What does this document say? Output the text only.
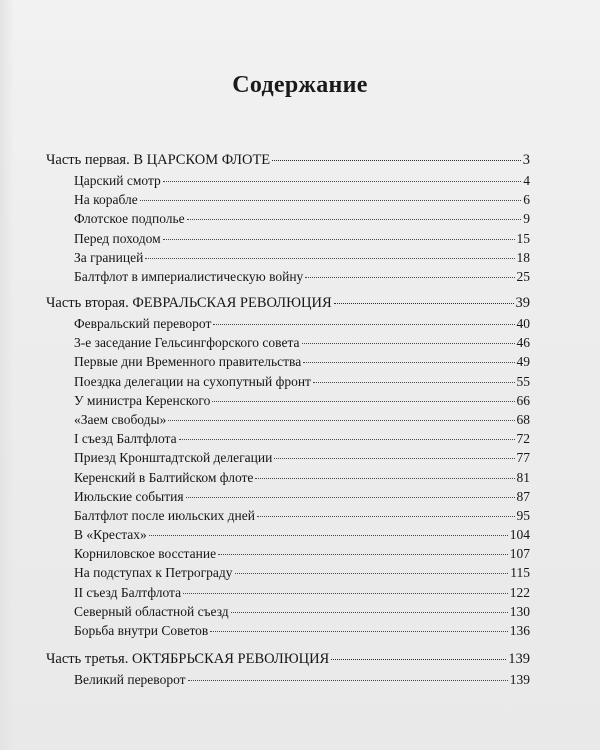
Содержание
Часть первая. В ЦАРСКОМ ФЛОТЕ	3
Царский смотр	4
На корабле	6
Флотское подполье	9
Перед походом	15
За границей	18
Балтфлот в империалистическую войну	25
Часть вторая. ФЕВРАЛЬСКАЯ РЕВОЛЮЦИЯ	39
Февральский переворот	40
3-е заседание Гельсингфорского совета	46
Первые дни Временного правительства	49
Поездка делегации на сухопутный фронт	55
У министра Керенского	66
«Заем свободы»	68
I съезд Балтфлота	72
Приезд Кронштадтской делегации	77
Керенский в Балтийском флоте	81
Июльские события	87
Балтфлот после июльских дней	95
В «Крестах»	104
Корниловское восстание	107
На подступах к Петрограду	115
II съезд Балтфлота	122
Северный областной съезд	130
Борьба внутри Советов	136
Часть третья. ОКТЯБРЬСКАЯ РЕВОЛЮЦИЯ	139
Великий переворот	139
